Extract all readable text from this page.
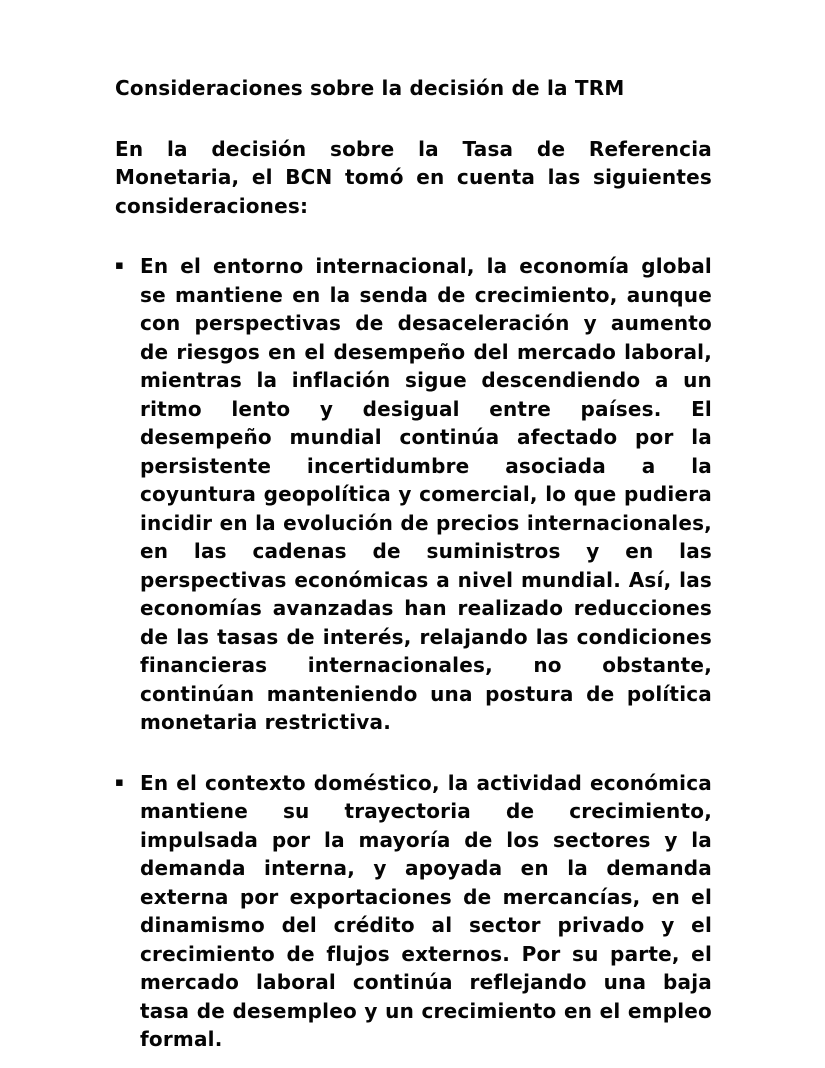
Consideraciones sobre la decisión de la TRM

En la decisión sobre la Tasa de Referencia Monetaria, el BCN tomó en cuenta las siguientes consideraciones:

▪ En el entorno internacional, la economía global se mantiene en la senda de crecimiento, aunque con perspectivas de desaceleración y aumento de riesgos en el desempeño del mercado laboral, mientras la inflación sigue descendiendo a un ritmo lento y desigual entre países. El desempeño mundial continúa afectado por la persistente incertidumbre asociada a la coyuntura geopolítica y comercial, lo que pudiera incidir en la evolución de precios internacionales, en las cadenas de suministros y en las perspectivas económicas a nivel mundial. Así, las economías avanzadas han realizado reducciones de las tasas de interés, relajando las condiciones financieras internacionales, no obstante, continúan manteniendo una postura de política monetaria restrictiva.
▪ En el contexto doméstico, la actividad económica mantiene su trayectoria de crecimiento, impulsada por la mayoría de los sectores y la demanda interna, y apoyada en la demanda externa por exportaciones de mercancías, en el dinamismo del crédito al sector privado y el crecimiento de flujos externos. Por su parte, el mercado laboral continúa reflejando una baja tasa de desempleo y un crecimiento en el empleo formal.
